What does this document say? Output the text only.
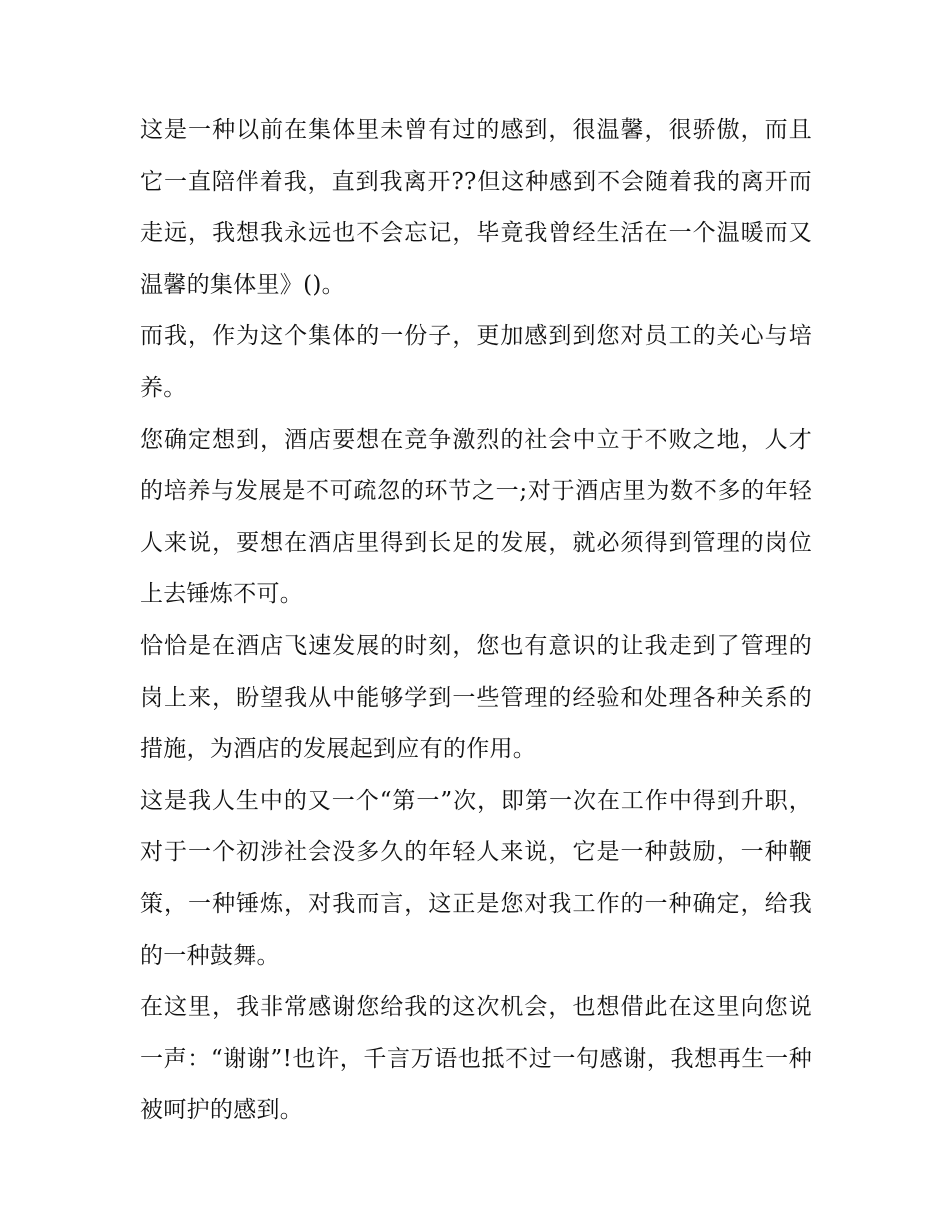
这是一种以前在集体里未曾有过的感到，很温馨，很骄傲，而且它一直陪伴着我，直到我离开??但这种感到不会随着我的离开而走远，我想我永远也不会忘记，毕竟我曾经生活在一个温暖而又温馨的集体里》()。

而我，作为这个集体的一份子，更加感到到您对员工的关心与培养。

您确定想到，酒店要想在竞争激烈的社会中立于不败之地，人才的培养与发展是不可疏忽的环节之一;对于酒店里为数不多的年轻人来说，要想在酒店里得到长足的发展，就必须得到管理的岗位上去锤炼不可。

恰恰是在酒店飞速发展的时刻，您也有意识的让我走到了管理的岗上来，盼望我从中能够学到一些管理的经验和处理各种关系的措施，为酒店的发展起到应有的作用。

这是我人生中的又一个“第一”次，即第一次在工作中得到升职，对于一个初涉社会没多久的年轻人来说，它是一种鼓励，一种鞭策，一种锤炼，对我而言，这正是您对我工作的一种确定，给我的一种鼓舞。

在这里，我非常感谢您给我的这次机会，也想借此在这里向您说一声：“谢谢”!也许，千言万语也抵不过一句感谢，我想再生一种被呵护的感到。
